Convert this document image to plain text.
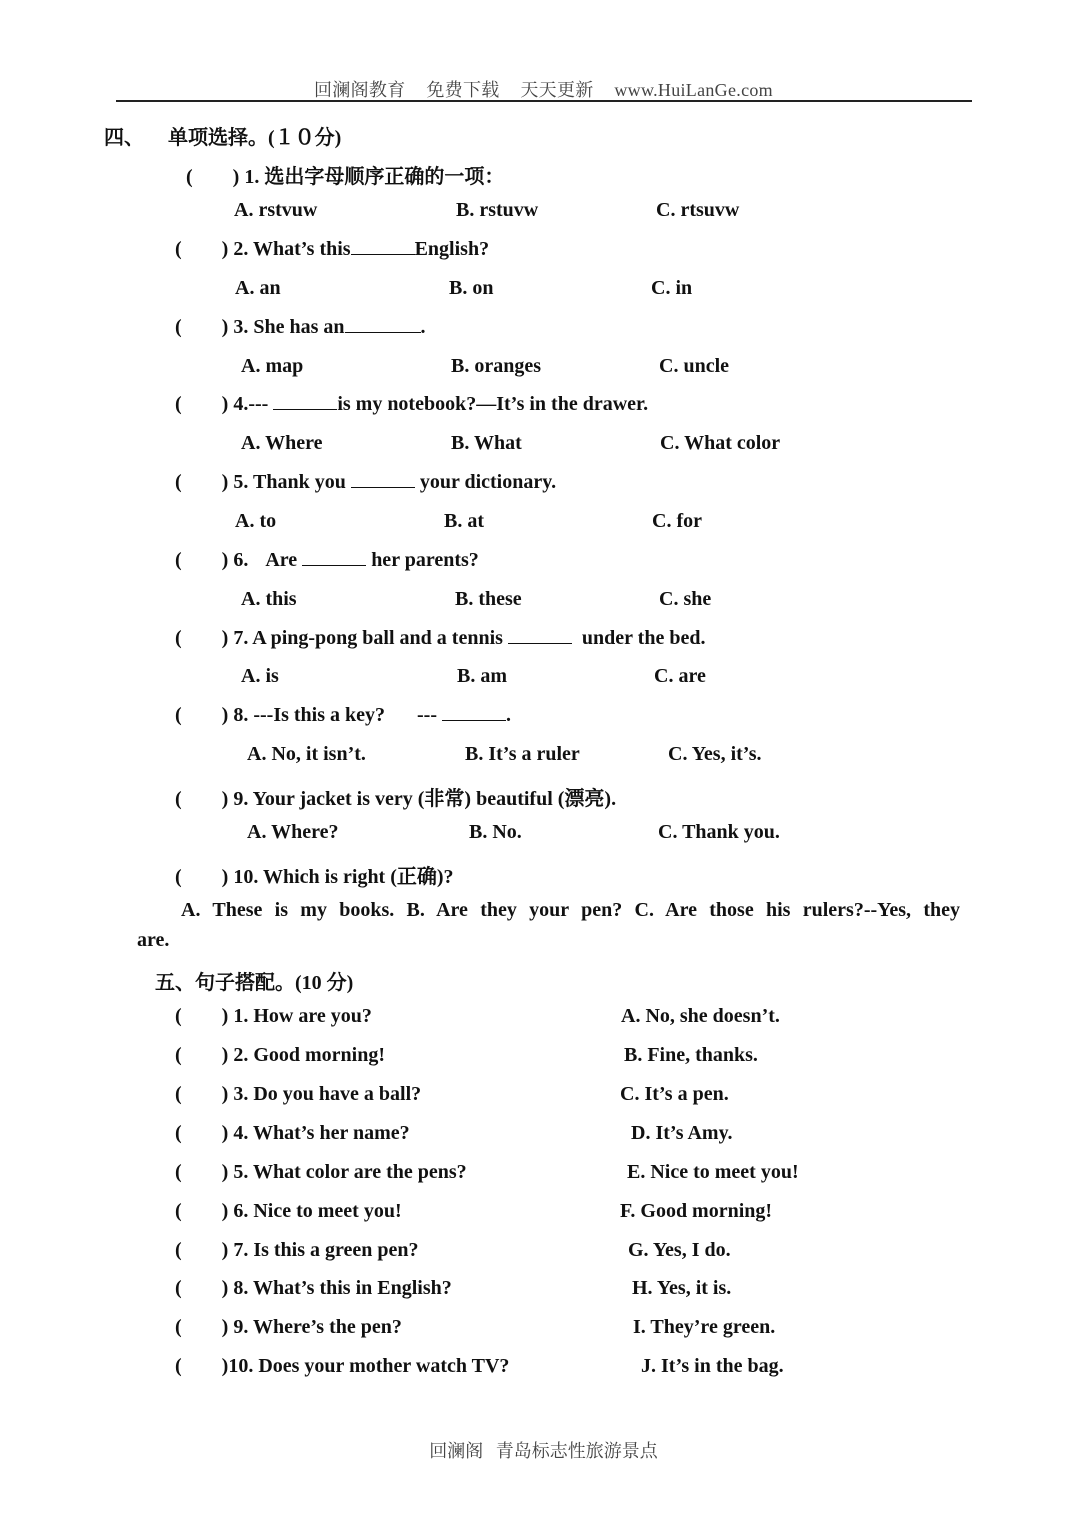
回澜阁教育 免费下载 天天更新 www.HuiLanGe.com
四、 单项选择。(１０分)
( ) 1. 选出字母顺序正确的一项：
A. rstvuw	B. rstuvw	C. rtsuvw
( ) 2. What’s this	English?
A. an	B. on	C. in
( ) 3. She has an	.
A. map	B. oranges	C. uncle
( ) 4.---	is my notebook?—It’s in the drawer.
A. Where	B. What	C. What color
( ) 5. Thank you	your dictionary.
A. to	B. at	C. for
( ) 6. Are	her parents?
A. this	B. these	C. she
( ) 7. A ping-pong ball and a tennis	under the bed.
A. is	B. am	C. are
( ) 8. ---Is this a key? ---	.
A. No, it isn’t.	B. It’s a ruler	C. Yes, it’s.
( ) 9. Your jacket is very (非常) beautiful (漂亮).
A. Where?	B. No.	C. Thank you.
( ) 10. Which is right (正确)?
A. These is my books. B. Are they your pen? C. Are those his rulers?--Yes, they
are.
五、句子搭配。(10 分)
( ) 1. How are you?	A. No, she doesn’t.
( ) 2. Good morning!	B. Fine, thanks.
( ) 3. Do you have a ball?	C. It’s a pen.
( ) 4. What’s her name?	D. It’s Amy.
( ) 5. What color are the pens?	E. Nice to meet you!
( ) 6. Nice to meet you!	F. Good morning!
( ) 7. Is this a green pen?	G. Yes, I do.
( ) 8. What’s this in English?	H. Yes, it is.
( ) 9. Where’s the pen?	I. They’re green.
( )10. Does your mother watch TV?	J. It’s in the bag.
回澜阁 青岛标志性旅游景点
